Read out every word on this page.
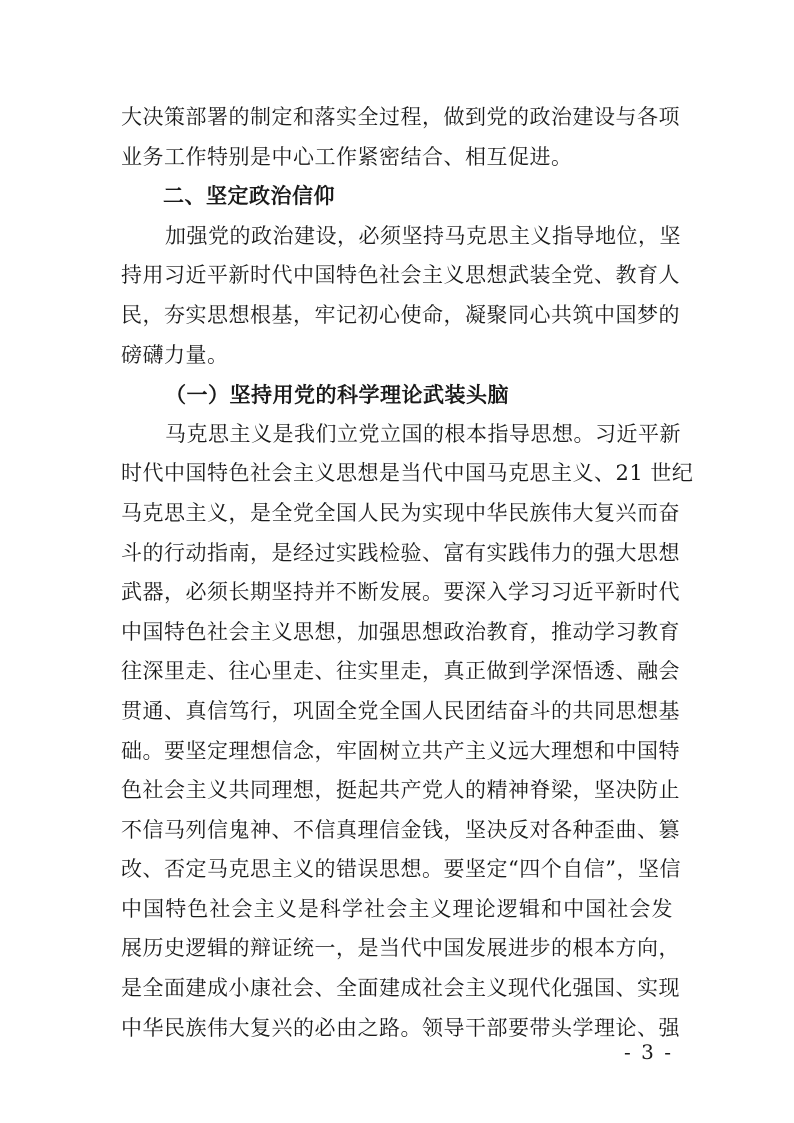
大决策部署的制定和落实全过程，做到党的政治建设与各项
业务工作特别是中心工作紧密结合、相互促进。
二、坚定政治信仰
加强党的政治建设，必须坚持马克思主义指导地位，坚
持用习近平新时代中国特色社会主义思想武装全党、教育人
民，夯实思想根基，牢记初心使命，凝聚同心共筑中国梦的
磅礴力量。
（一）坚持用党的科学理论武装头脑
马克思主义是我们立党立国的根本指导思想。习近平新
时代中国特色社会主义思想是当代中国马克思主义、21 世纪
马克思主义，是全党全国人民为实现中华民族伟大复兴而奋
斗的行动指南，是经过实践检验、富有实践伟力的强大思想
武器，必须长期坚持并不断发展。要深入学习习近平新时代
中国特色社会主义思想，加强思想政治教育，推动学习教育
往深里走、往心里走、往实里走，真正做到学深悟透、融会
贯通、真信笃行，巩固全党全国人民团结奋斗的共同思想基
础。要坚定理想信念，牢固树立共产主义远大理想和中国特
色社会主义共同理想，挺起共产党人的精神脊梁，坚决防止
不信马列信鬼神、不信真理信金钱，坚决反对各种歪曲、篡
改、否定马克思主义的错误思想。要坚定“四个自信”，坚信
中国特色社会主义是科学社会主义理论逻辑和中国社会发
展历史逻辑的辩证统一，是当代中国发展进步的根本方向，
是全面建成小康社会、全面建成社会主义现代化强国、实现
中华民族伟大复兴的必由之路。领导干部要带头学理论、强
- 3 -
